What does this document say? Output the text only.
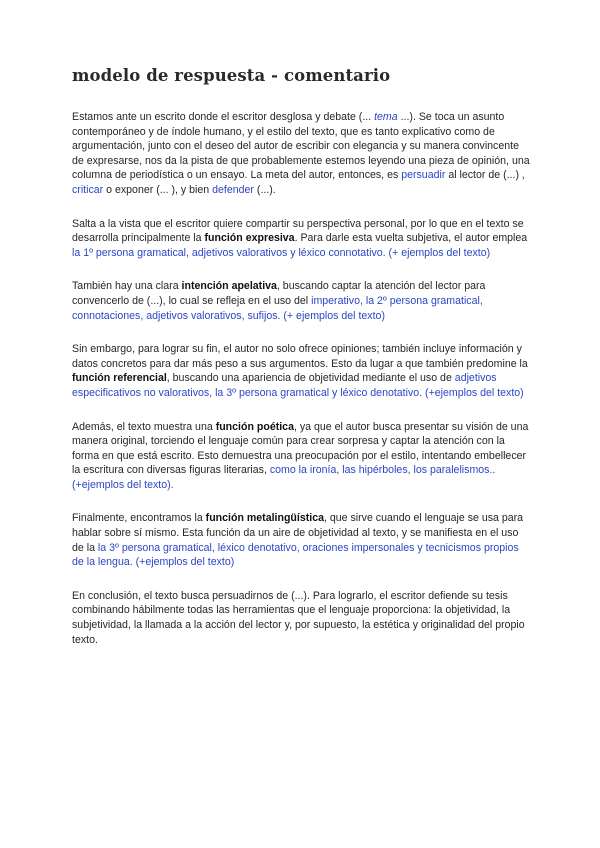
modelo de respuesta - comentario

Estamos ante un escrito donde el escritor desglosa y debate (... tema ...). Se toca un asunto contemporáneo y de índole humano, y el estilo del texto, que es tanto explicativo como de argumentación, junto con el deseo del autor de escribir con elegancia y su manera convincente de expresarse, nos da la pista de que probablemente estemos leyendo una pieza de opinión, una columna de periodística o un ensayo. La meta del autor, entonces, es persuadir al lector de (...) , criticar o exponer (... ), y bien defender (...).

Salta a la vista que el escritor quiere compartir su perspectiva personal, por lo que en el texto se desarrolla principalmente la función expresiva. Para darle esta vuelta subjetiva, el autor emplea la 1º persona gramatical, adjetivos valorativos y léxico connotativo. (+ ejemplos del texto)

También hay una clara intención apelativa, buscando captar la atención del lector para convencerlo de (...), lo cual se refleja en el uso del imperativo, la 2º persona gramatical, connotaciones, adjetivos valorativos, sufijos. (+ ejemplos del texto)

Sin embargo, para lograr su fin, el autor no solo ofrece opiniones; también incluye información y datos concretos para dar más peso a sus argumentos. Esto da lugar a que también predomine la función referencial, buscando una apariencia de objetividad mediante el uso de adjetivos especificativos no valorativos, la 3º persona gramatical y léxico denotativo. (+ejemplos del texto)

Además, el texto muestra una función poética, ya que el autor busca presentar su visión de una manera original, torciendo el lenguaje común para crear sorpresa y captar la atención con la forma en que está escrito. Esto demuestra una preocupación por el estilo, intentando embellecer la escritura con diversas figuras literarias, como la ironía, las hipérboles, los paralelismos.. (+ejemplos del texto).

Finalmente, encontramos la función metalingüística, que sirve cuando el lenguaje se usa para hablar sobre sí mismo. Esta función da un aire de objetividad al texto, y se manifiesta en el uso de la la 3º persona gramatical, léxico denotativo, oraciones impersonales y tecnicismos propios de la lengua. (+ejemplos del texto)

En conclusión, el texto busca persuadirnos de (...). Para lograrlo, el escritor defiende su tesis combinando hábilmente todas las herramientas que el lenguaje proporciona: la objetividad, la subjetividad, la llamada a la acción del lector y, por supuesto, la estética y originalidad del propio texto.
